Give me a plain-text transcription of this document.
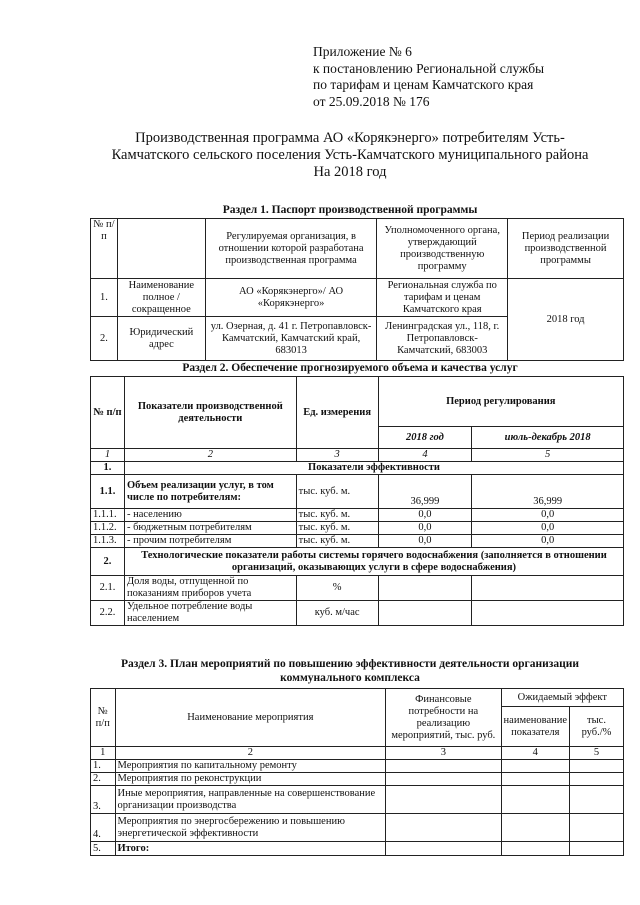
Приложение № 6
к постановлению Региональной службы
по тарифам и ценам Камчатского края
от 25.09.2018 № 176
Производственная программа АО «Корякэнерго» потребителям Усть-
Камчатского сельского поселения Усть-Камчатского муниципального района
На 2018 год
Раздел 1. Паспорт производственной программы
№ п/п		Регулируемая организация, в отношении которой разработана производственная программа	Уполномоченного органа, утверждающий производственную программу	Период реализации производственной программы
1.	Наименование полное / сокращенное	АО «Корякэнерго»/ АО «Корякэнерго»	Региональная служба по тарифам и ценам Камчатского края	2018 год
2.	Юридический адрес	ул. Озерная, д. 41 г. Петропавловск-Камчатский, Камчатский край, 683013	Ленинградская ул., 118, г. Петропавловск-Камчатский, 683003	
Раздел 2. Обеспечение прогнозируемого объема и качества услуг
№ п/п	Показатели производственной деятельности	Ед. измерения	Период регулирования	
			2018 год	июль-декабрь 2018
1	2	3	4	5
1.	Показатели эффективности			
1.1.	Объем реализации услуг, в том числе по потребителям:	тыс. куб. м.	36,999	36,999
1.1.1.	- населению	тыс. куб. м.	0,0	0,0
1.1.2.	- бюджетным потребителям	тыс. куб. м.	0,0	0,0
1.1.3.	- прочим потребителям	тыс. куб. м.	0,0	0,0
2.	Технологические показатели работы системы горячего водоснабжения (заполняется в отношении организаций, оказывающих услуги в сфере водоснабжения)			
2.1.	Доля воды, отпущенной по показаниям приборов учета	%		
2.2.	Удельное потребление воды населением	куб. м/час		
Раздел 3. План мероприятий по повышению эффективности деятельности организации коммунального комплекса
№ п/п	Наименование мероприятия	Финансовые потребности на реализацию мероприятий, тыс. руб.	Ожидаемый эффект	
			наименование показателя	тыс. руб./%
1	2	3	4	5
1.	Мероприятия по капитальному ремонту			
2.	Мероприятия по реконструкции			
3.	Иные мероприятия, направленные на совершенствование организации производства			
4.	Мероприятия по энергосбережению и повышению энергетической эффективности			
5.	Итого:			
